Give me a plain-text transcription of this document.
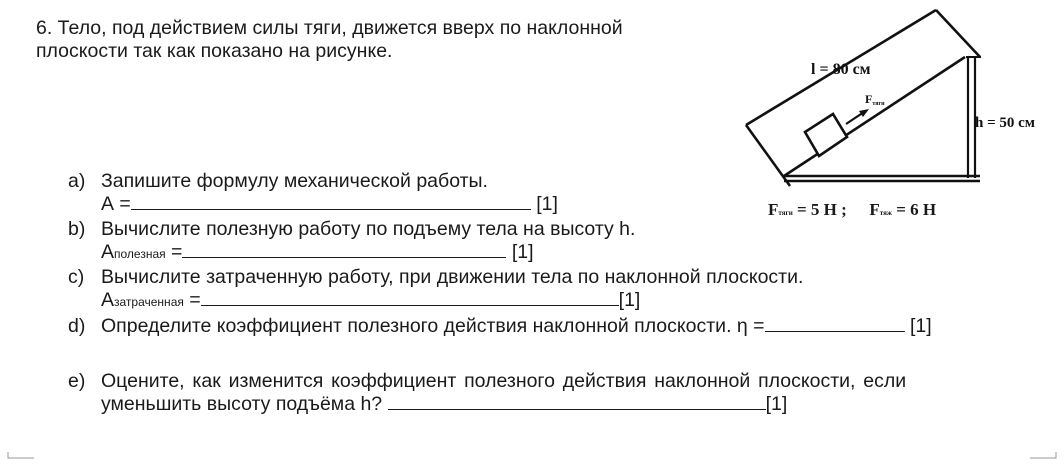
6. Тело, под действием силы тяги, движется вверх по наклонной
плоскости так как показано на рисунке.
l = 80 см
h = 50 см
Fтяги
Fтяги = 5 H ; Fтяж = 6 H
a) Запишите формулу механической работы.
А =	[1]
b) Вычислите полезную работу по подъему тела на высоту h.
Аполезная =	[1]
c) Вычислите затраченную работу, при движении тела по наклонной плоскости.
Азатраченная =	[1]
d) Определите коэффициент полезного действия наклонной плоскости. η =	[1]
e) Оцените, как изменится коэффициент полезного действия наклонной плоскости, если
уменьшить высоту подъёма h?	[1]
